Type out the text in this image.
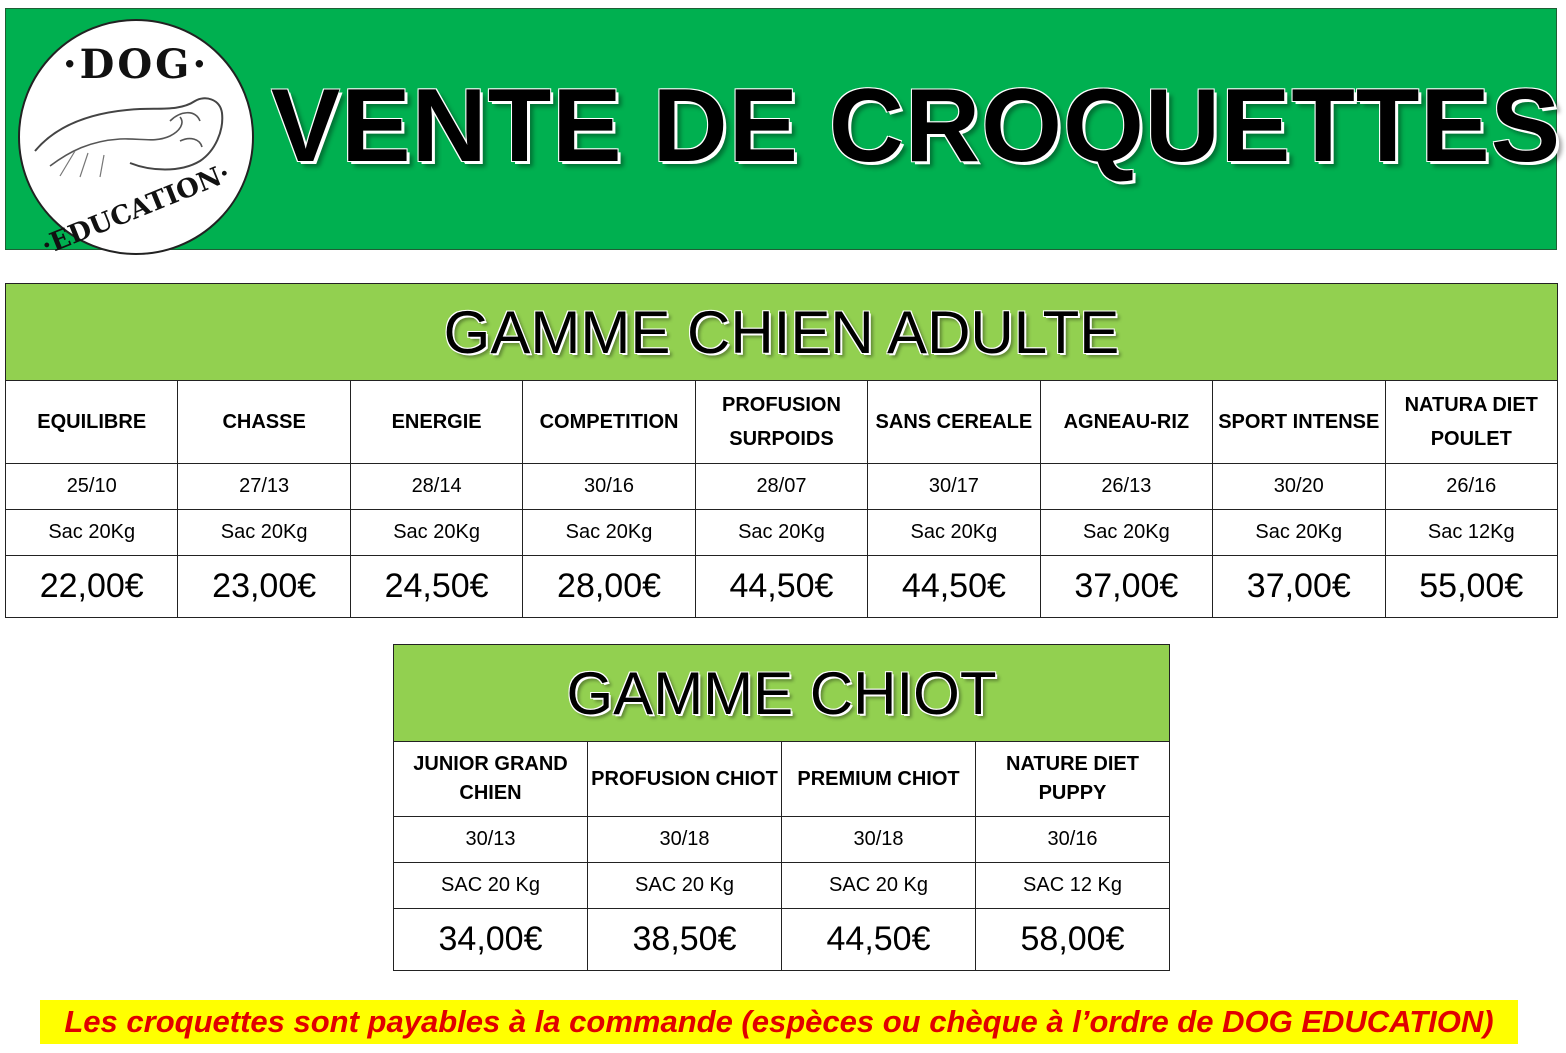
·DOG·
·EDUCATION·
VENTE DE CROQUETTES
GAMME CHIEN ADULTE								
EQUILIBRE	CHASSE	ENERGIE	COMPETITION	PROFUSION SURPOIDS	SANS CEREALE	AGNEAU-RIZ	SPORT INTENSE	NATURA DIET POULET
25/10	27/13	28/14	30/16	28/07	30/17	26/13	30/20	26/16
Sac 20Kg	Sac 20Kg	Sac 20Kg	Sac 20Kg	Sac 20Kg	Sac 20Kg	Sac 20Kg	Sac 20Kg	Sac 12Kg
22,00€	23,00€	24,50€	28,00€	44,50€	44,50€	37,00€	37,00€	55,00€
GAMME CHIOT			
JUNIOR GRAND CHIEN	PROFUSION CHIOT	PREMIUM CHIOT	NATURE DIET PUPPY
30/13	30/18	30/18	30/16
SAC 20 Kg	SAC 20 Kg	SAC 20 Kg	SAC 12 Kg
34,00€	38,50€	44,50€	58,00€
Les croquettes sont payables à la commande (espèces ou chèque à l’ordre de DOG EDUCATION)
